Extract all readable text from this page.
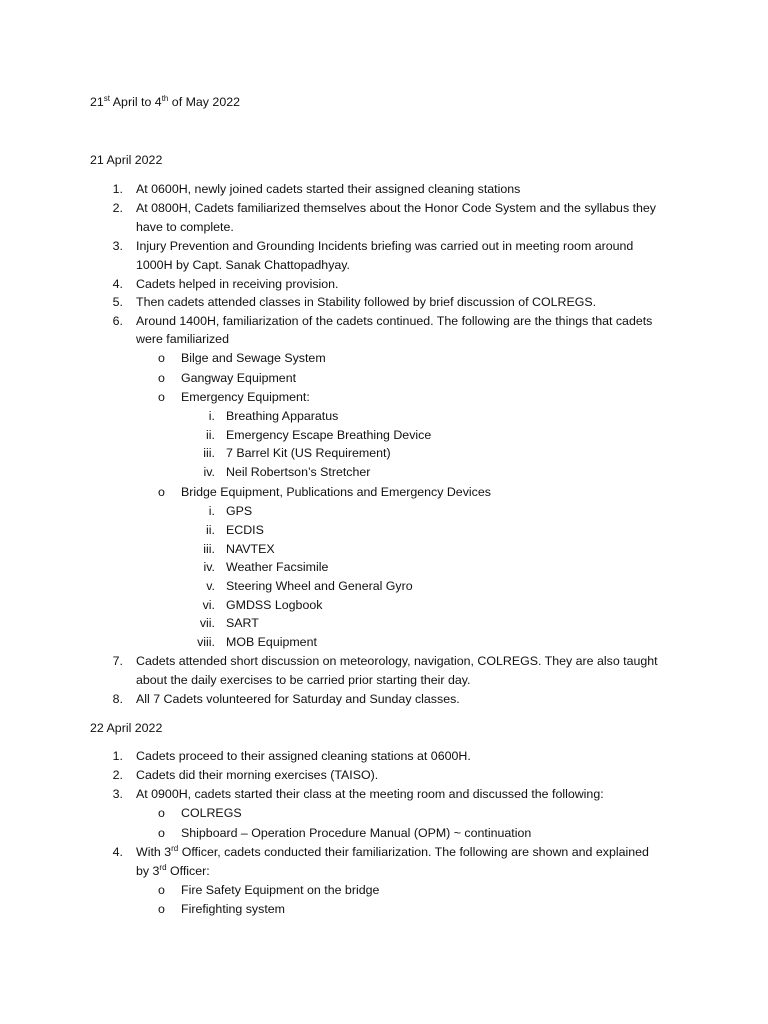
21st April to 4th of May 2022
21 April 2022
1. At 0600H, newly joined cadets started their assigned cleaning stations
2. At 0800H, Cadets familiarized themselves about the Honor Code System and the syllabus they
have to complete.
3. Injury Prevention and Grounding Incidents briefing was carried out in meeting room around
1000H by Capt. Sanak Chattopadhyay.
4. Cadets helped in receiving provision.
5. Then cadets attended classes in Stability followed by brief discussion of COLREGS.
6. Around 1400H, familiarization of the cadets continued. The following are the things that cadets
were familiarized
o Bilge and Sewage System
o Gangway Equipment
o Emergency Equipment:
i. Breathing Apparatus
ii. Emergency Escape Breathing Device
iii. 7 Barrel Kit (US Requirement)
iv. Neil Robertson’s Stretcher
o Bridge Equipment, Publications and Emergency Devices
i. GPS
ii. ECDIS
iii. NAVTEX
iv. Weather Facsimile
v. Steering Wheel and General Gyro
vi. GMDSS Logbook
vii. SART
viii. MOB Equipment
7. Cadets attended short discussion on meteorology, navigation, COLREGS. They are also taught
about the daily exercises to be carried prior starting their day.
8. All 7 Cadets volunteered for Saturday and Sunday classes.
22 April 2022
1. Cadets proceed to their assigned cleaning stations at 0600H.
2. Cadets did their morning exercises (TAISO).
3. At 0900H, cadets started their class at the meeting room and discussed the following:
o COLREGS
o Shipboard – Operation Procedure Manual (OPM) ~ continuation
4. With 3rd Officer, cadets conducted their familiarization. The following are shown and explained
by 3rd Officer:
o Fire Safety Equipment on the bridge
o Firefighting system
